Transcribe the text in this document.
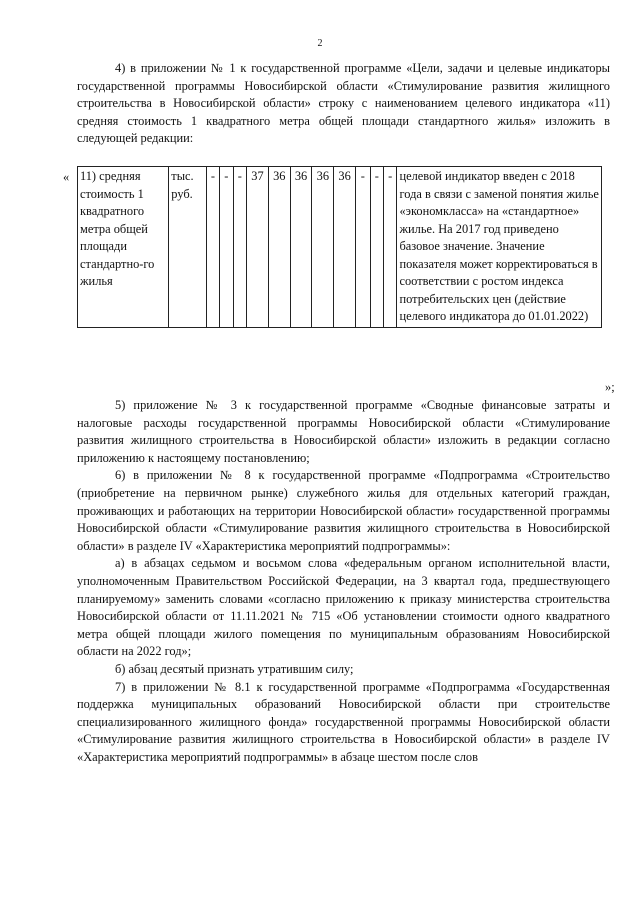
2

4) в приложении № 1 к государственной программе «Цели, задачи и целевые индикаторы государственной программы Новосибирской области «Стимулирование развития жилищного строительства в Новосибирской области» строку с наименованием целевого индикатора «11) средняя стоимость 1 квадратного метра общей площади стандартного жилья» изложить в следующей редакции:

« 11) средняя стоимость 1 квадратного метра общей площади стандартно-го жилья	тыс. руб.	-	-	-	37	36	36	36	36	-	-	-	целевой индикатор введен с 2018 года в связи с заменой понятия жилье «экономкласса» на «стандартное» жилье. На 2017 год приведено базовое значение. Значение показателя может корректироваться в соответствии с ростом индекса потребительских цен (действие целевого индикатора до 01.01.2022)
»;

5) приложение № 3 к государственной программе «Сводные финансовые затраты и налоговые расходы государственной программы Новосибирской области «Стимулирование развития жилищного строительства в Новосибирской области» изложить в редакции согласно приложению к настоящему постановлению;

6) в приложении № 8 к государственной программе «Подпрограмма «Строительство (приобретение на первичном рынке) служебного жилья для отдельных категорий граждан, проживающих и работающих на территории Новосибирской области» государственной программы Новосибирской области «Стимулирование развития жилищного строительства в Новосибирской области» в разделе IV «Характеристика мероприятий подпрограммы»:

а) в абзацах седьмом и восьмом слова «федеральным органом исполнительной власти, уполномоченным Правительством Российской Федерации, на 3 квартал года, предшествующего планируемому» заменить словами «согласно приложению к приказу министерства строительства Новосибирской области от 11.11.2021 № 715 «Об установлении стоимости одного квадратного метра общей площади жилого помещения по муниципальным образованиям Новосибирской области на 2022 год»;

б) абзац десятый признать утратившим силу;

7) в приложении № 8.1 к государственной программе «Подпрограмма «Государственная поддержка муниципальных образований Новосибирской области при строительстве специализированного жилищного фонда» государственной программы Новосибирской области «Стимулирование развития жилищного строительства в Новосибирской области» в разделе IV «Характеристика мероприятий подпрограммы» в абзаце шестом после слов
